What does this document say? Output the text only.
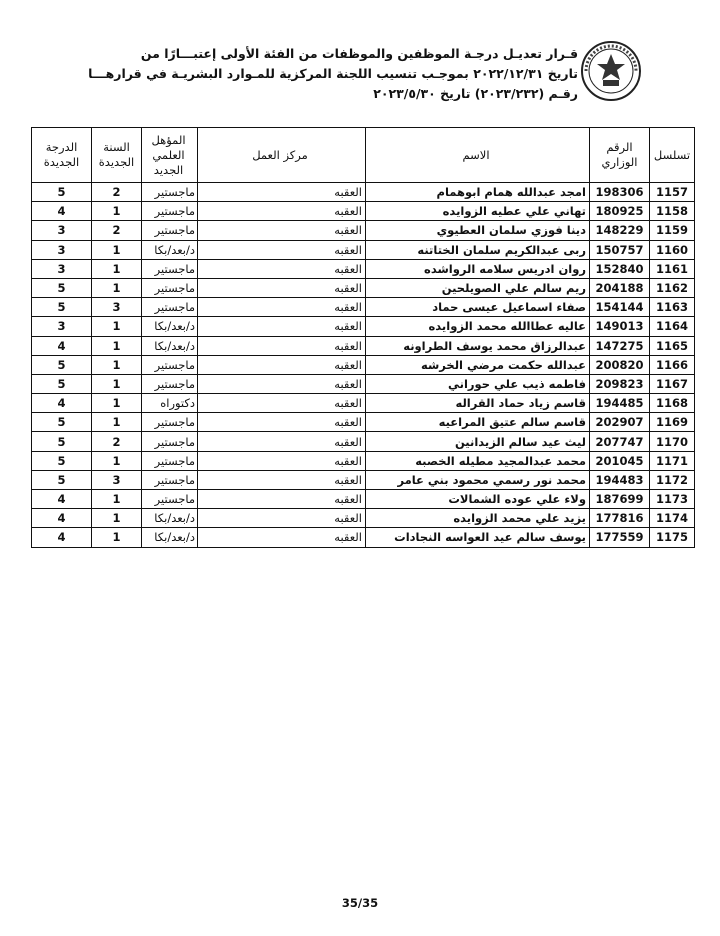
قـرار تعديـل درجـة الموظفين والموظفات من الفئة الأولى إعتبـــارًا من
تاريخ ٢٠٢٢/١٢/٣١ بموجـب تنسيب اللجنة المركزية للمـوارد البشريـة في قرارهـــا
رقـم (٢٠٢٣/٢٣٢) تاريخ ٢٠٢٣/٥/٣٠
تسلسل	الرقم الوزاري	الاسم	مركز العمل	المؤهل العلمي الجديد	السنة الجديدة	الدرجة الجديدة
1157	198306	امجد عبدالله همام ابوهمام	العقبه	ماجستير	2	5
1158	180925	تهاني علي عطيه الزوايده	العقبه	ماجستير	1	4
1159	148229	دينا فوزي سلمان العطيوي	العقبه	ماجستير	2	3
1160	150757	ربى عبدالكريم سلمان الختاتنه	العقبه	د/بعد/بكا	1	3
1161	152840	روان ادريس سلامه الرواشده	العقبه	ماجستير	1	3
1162	204188	ريم سالم علي الصويلحين	العقبه	ماجستير	1	5
1163	154144	صفاء اسماعيل عيسى حماد	العقبه	ماجستير	3	5
1164	149013	عاليه عطاالله محمد الزوايده	العقبه	د/بعد/بكا	1	3
1165	147275	عبدالرزاق محمد يوسف الطراونه	العقبه	د/بعد/بكا	1	4
1166	200820	عبدالله حكمت مرضي الخرشه	العقبه	ماجستير	1	5
1167	209823	فاطمه ذيب علي حوراني	العقبه	ماجستير	1	5
1168	194485	قاسم زياد حماد القراله	العقبه	دكتوراه	1	4
1169	202907	قاسم سالم عتيق المراعيه	العقبه	ماجستير	1	5
1170	207747	ليث عيد سالم الزيدانين	العقبه	ماجستير	2	5
1171	201045	محمد عبدالمجيد مطيله الخصبه	العقبه	ماجستير	1	5
1172	194483	محمد نور رسمي محمود بني عامر	العقبه	ماجستير	3	5
1173	187699	ولاء علي عوده الشمالات	العقبه	ماجستير	1	4
1174	177816	يزيد علي محمد الزوايده	العقبه	د/بعد/بكا	1	4
1175	177559	يوسف سالم عيد العواسه النجادات	العقبه	د/بعد/بكا	1	4
35/35
